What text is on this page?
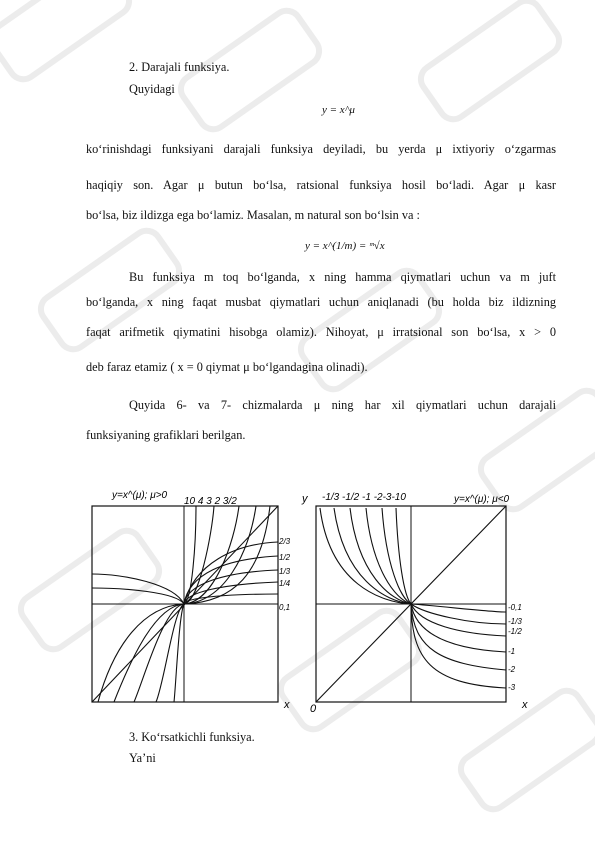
2. Darajali funksiya.
Quyidagi
y = x^μ
ko‘rinishdagi funksiyani darajali funksiya deyiladi, bu yerda μ ixtiyoriy o‘zgarmas
haqiqiy son. Agar μ butun bo‘lsa, ratsional funksiya hosil bo‘ladi. Agar μ kasr
bo‘lsa, biz ildizga ega bo‘lamiz. Masalan, m natural son bo‘lsin va :
y = x^(1/m) = ᵐ√x
Bu funksiya m toq bo‘lganda, x ning hamma qiymatlari uchun va m juft
bo‘lganda, x ning faqat musbat qiymatlari uchun aniqlanadi (bu holda biz ildizning
faqat arifmetik qiymatini hisobga olamiz). Nihoyat, μ irratsional son bo‘lsa, x > 0
deb faraz etamiz ( x = 0 qiymat μ bo‘lgandagina olinadi).
Quyida 6- va 7- chizmalarda μ ning har xil qiymatlari uchun darajali
funksiyaning grafiklari berilgan.
y=x^(μ); μ>0
10 4 3 2 3/2
2/3
1/2
1/3
1/4
0,1
x
y -1/3 -1/2 -1 -2-3-10	y=x^(μ); μ<0
-0,1
-1/3
-1/2
-1
-2
-3
0	x
3. Ko‘rsatkichli funksiya.
Ya’ni
